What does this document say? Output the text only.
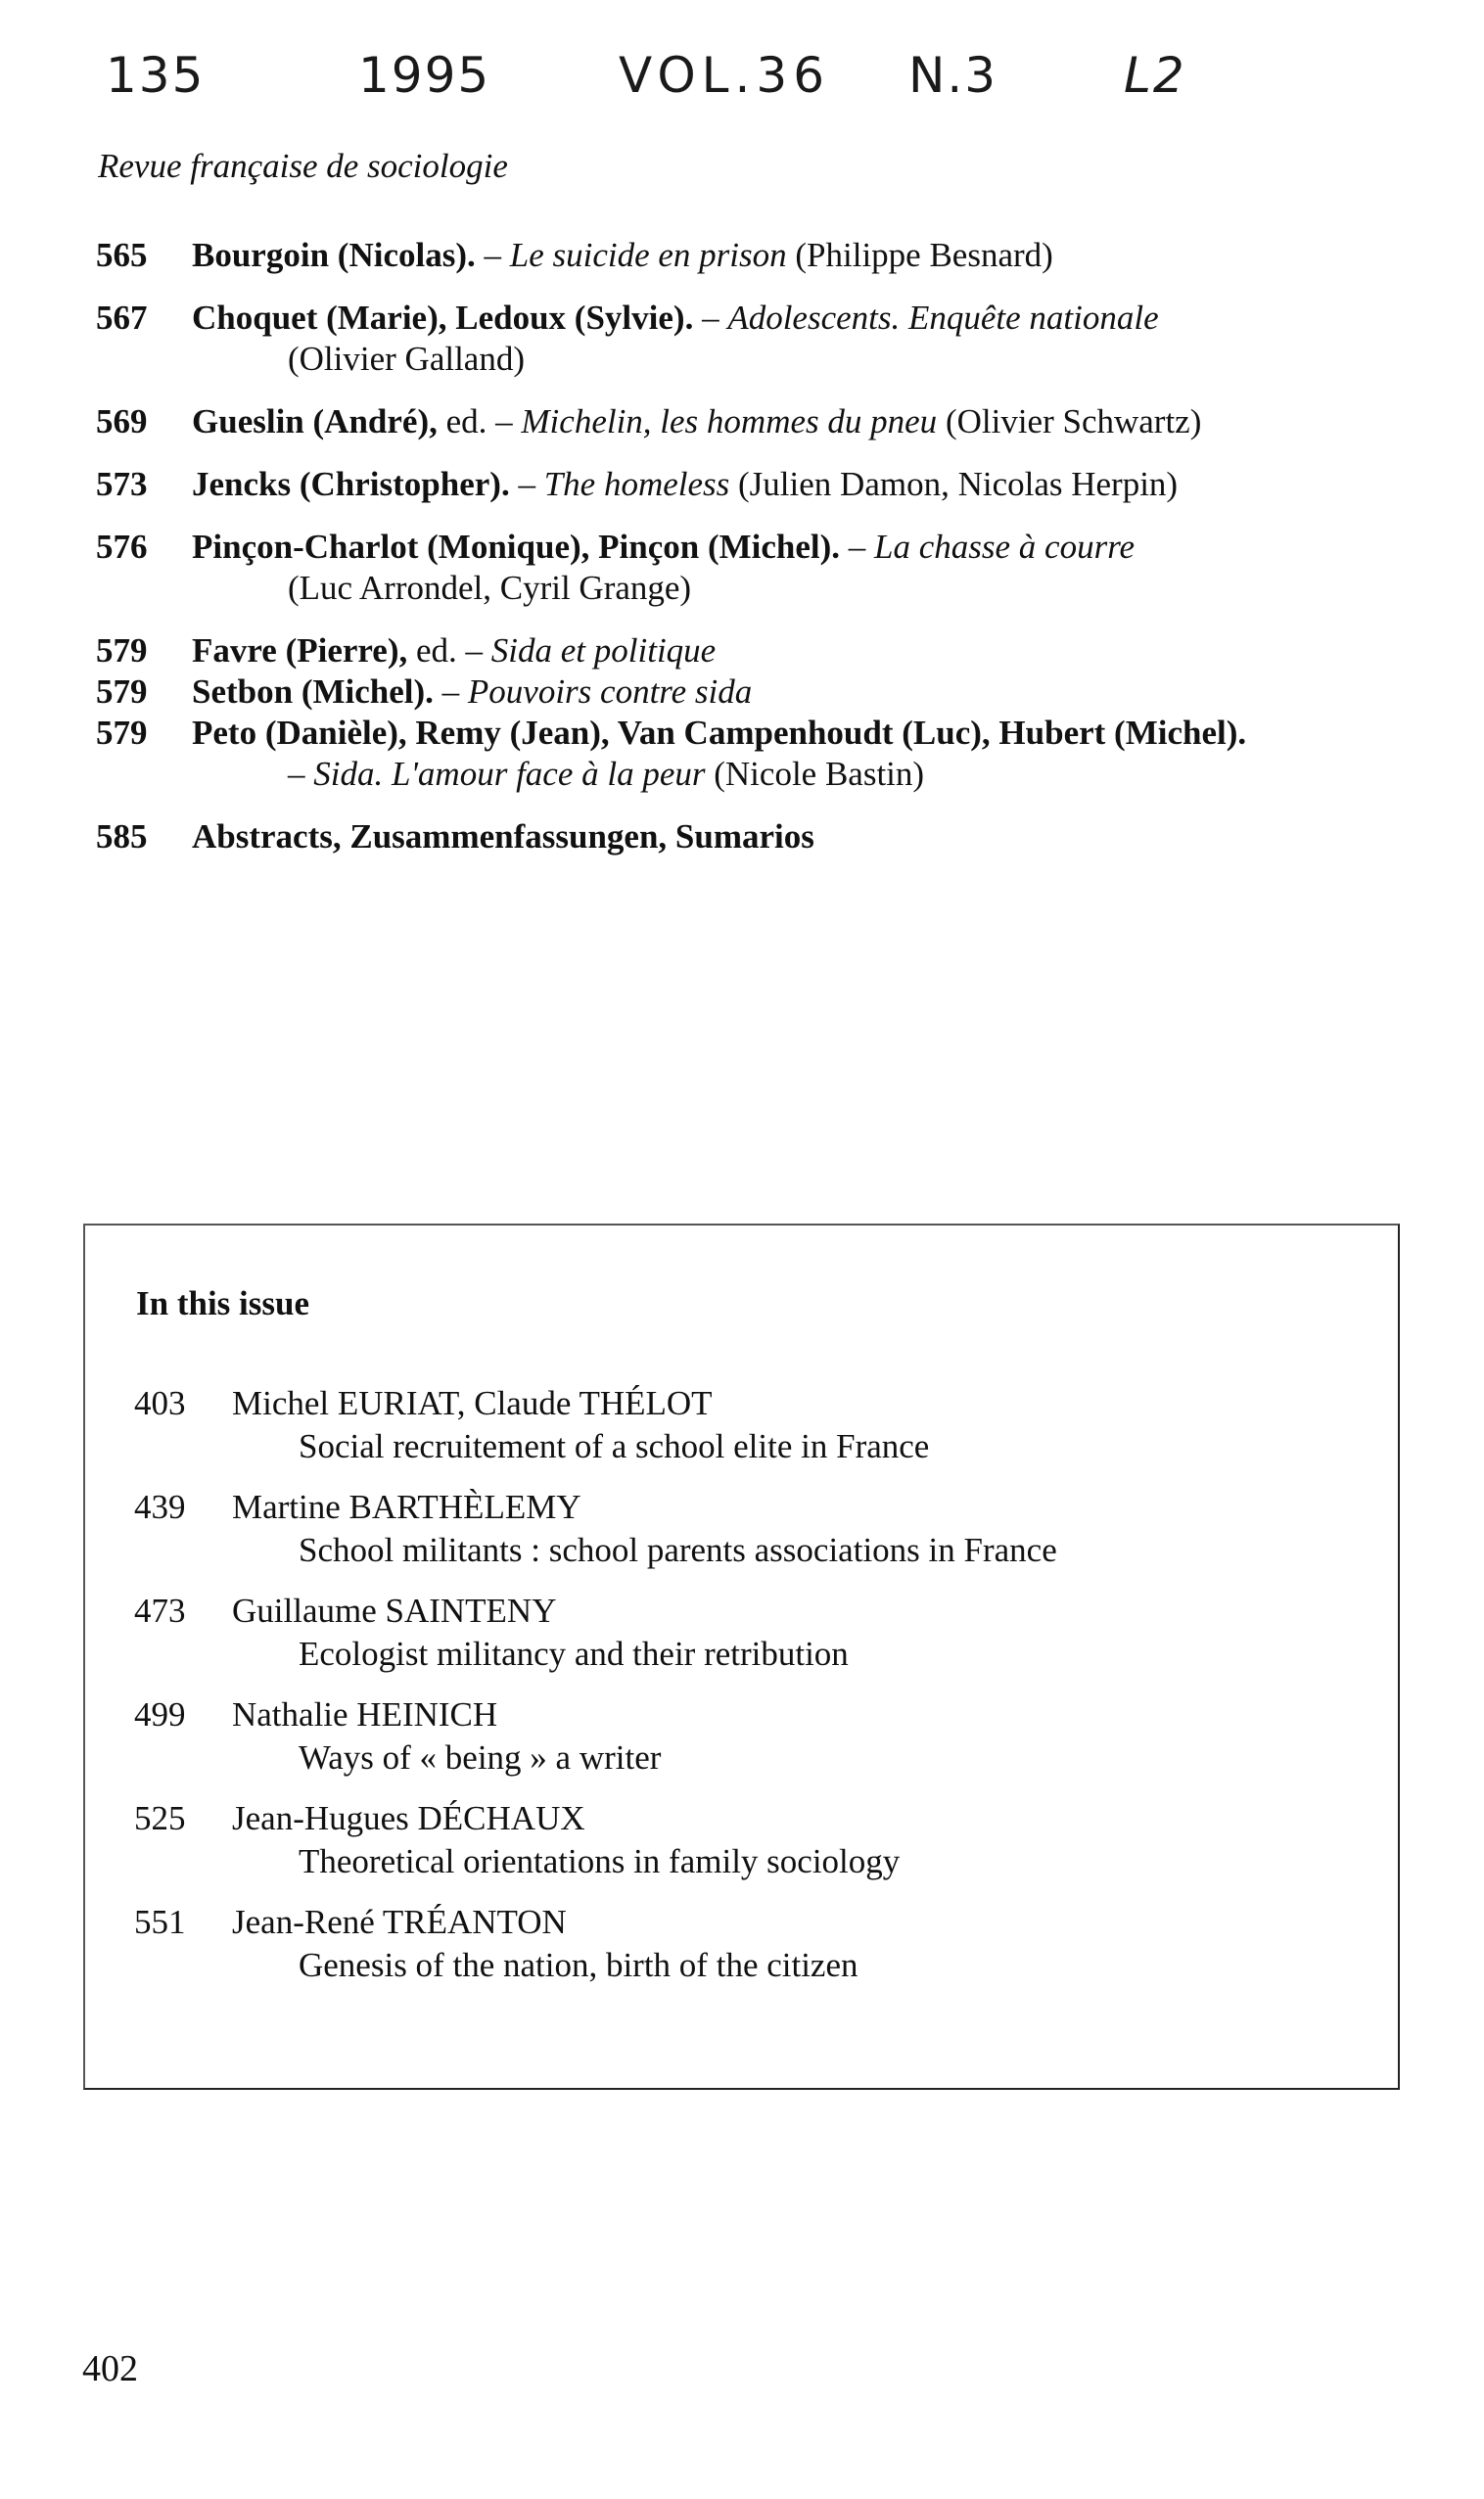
135	1995	VOL.36 N.3	L2
Revue française de sociologie
565	Bourgoin (Nicolas). – Le suicide en prison (Philippe Besnard)
567	Choquet (Marie), Ledoux (Sylvie). – Adolescents. Enquête nationale
(Olivier Galland)
569	Gueslin (André), ed. – Michelin, les hommes du pneu (Olivier Schwartz)
573	Jencks (Christopher). – The homeless (Julien Damon, Nicolas Herpin)
576	Pinçon-Charlot (Monique), Pinçon (Michel). – La chasse à courre
(Luc Arrondel, Cyril Grange)
579	Favre (Pierre), ed. – Sida et politique
579	Setbon (Michel). – Pouvoirs contre sida
579	Peto (Danièle), Remy (Jean), Van Campenhoudt (Luc), Hubert (Michel).
– Sida. L'amour face à la peur (Nicole Bastin)
585	Abstracts, Zusammenfassungen, Sumarios
In this issue
403	Michel EURIAT, Claude THÉLOT
Social recruitement of a school elite in France
439	Martine BARTHÈLEMY
School militants : school parents associations in France
473	Guillaume SAINTENY
Ecologist militancy and their retribution
499	Nathalie HEINICH
Ways of « being » a writer
525	Jean-Hugues DÉCHAUX
Theoretical orientations in family sociology
551	Jean-René TRÉANTON
Genesis of the nation, birth of the citizen
402
